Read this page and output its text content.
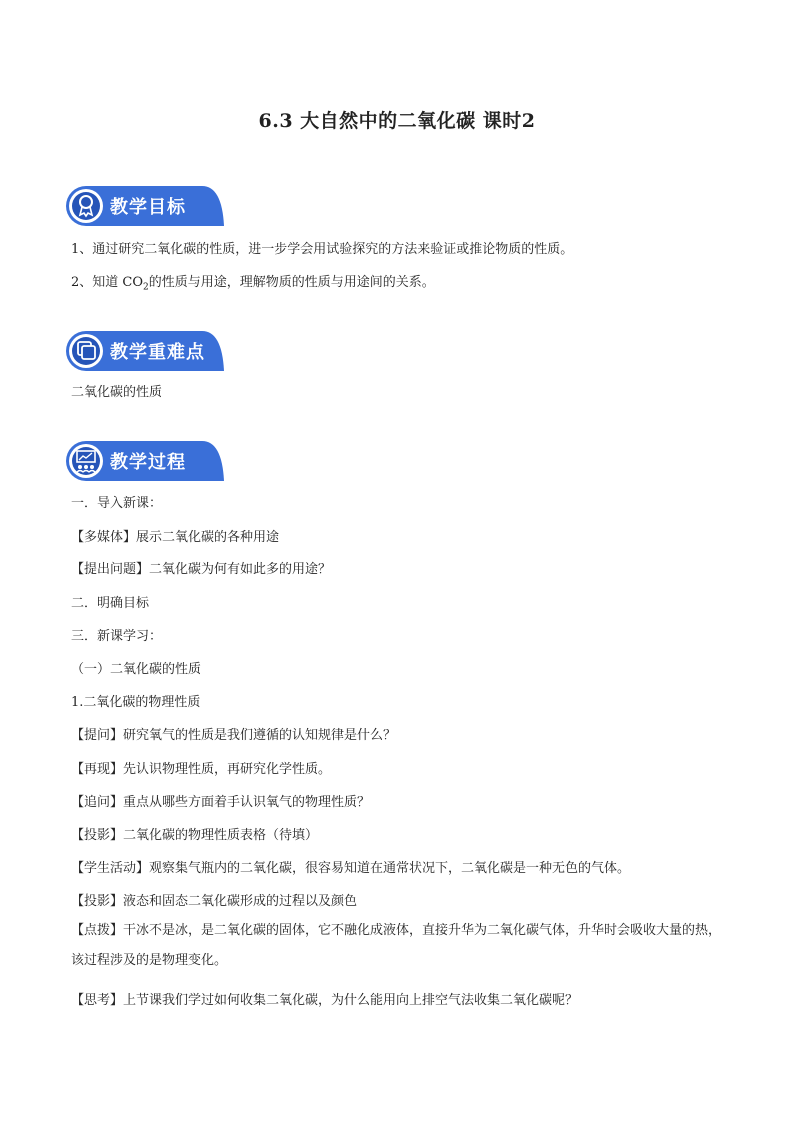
6.3 大自然中的二氧化碳 课时2
教学目标
1、通过研究二氧化碳的性质，进一步学会用试验探究的方法来验证或推论物质的性质。
2、知道 $CO_2$的性质与用途，理解物质的性质与用途间的关系。
教学重难点
二氧化碳的性质
教学过程
一．导入新课：
【多媒体】展示二氧化碳的各种用途
【提出问题】二氧化碳为何有如此多的用途？
二．明确目标
三．新课学习：
（一）二氧化碳的性质
1.二氧化碳的物理性质
【提问】研究氧气的性质是我们遵循的认知规律是什么？
【再现】先认识物理性质，再研究化学性质。
【追问】重点从哪些方面着手认识氧气的物理性质？
【投影】二氧化碳的物理性质表格（待填）
【学生活动】观察集气瓶内的二氧化碳，很容易知道在通常状况下，二氧化碳是一种无色的气体。
【投影】液态和固态二氧化碳形成的过程以及颜色
【点拨】干冰不是冰，是二氧化碳的固体，它不融化成液体，直接升华为二氧化碳气体，升华时会吸收大量的热，该过程涉及的是物理变化。
【思考】上节课我们学过如何收集二氧化碳，为什么能用向上排空气法收集二氧化碳呢？
